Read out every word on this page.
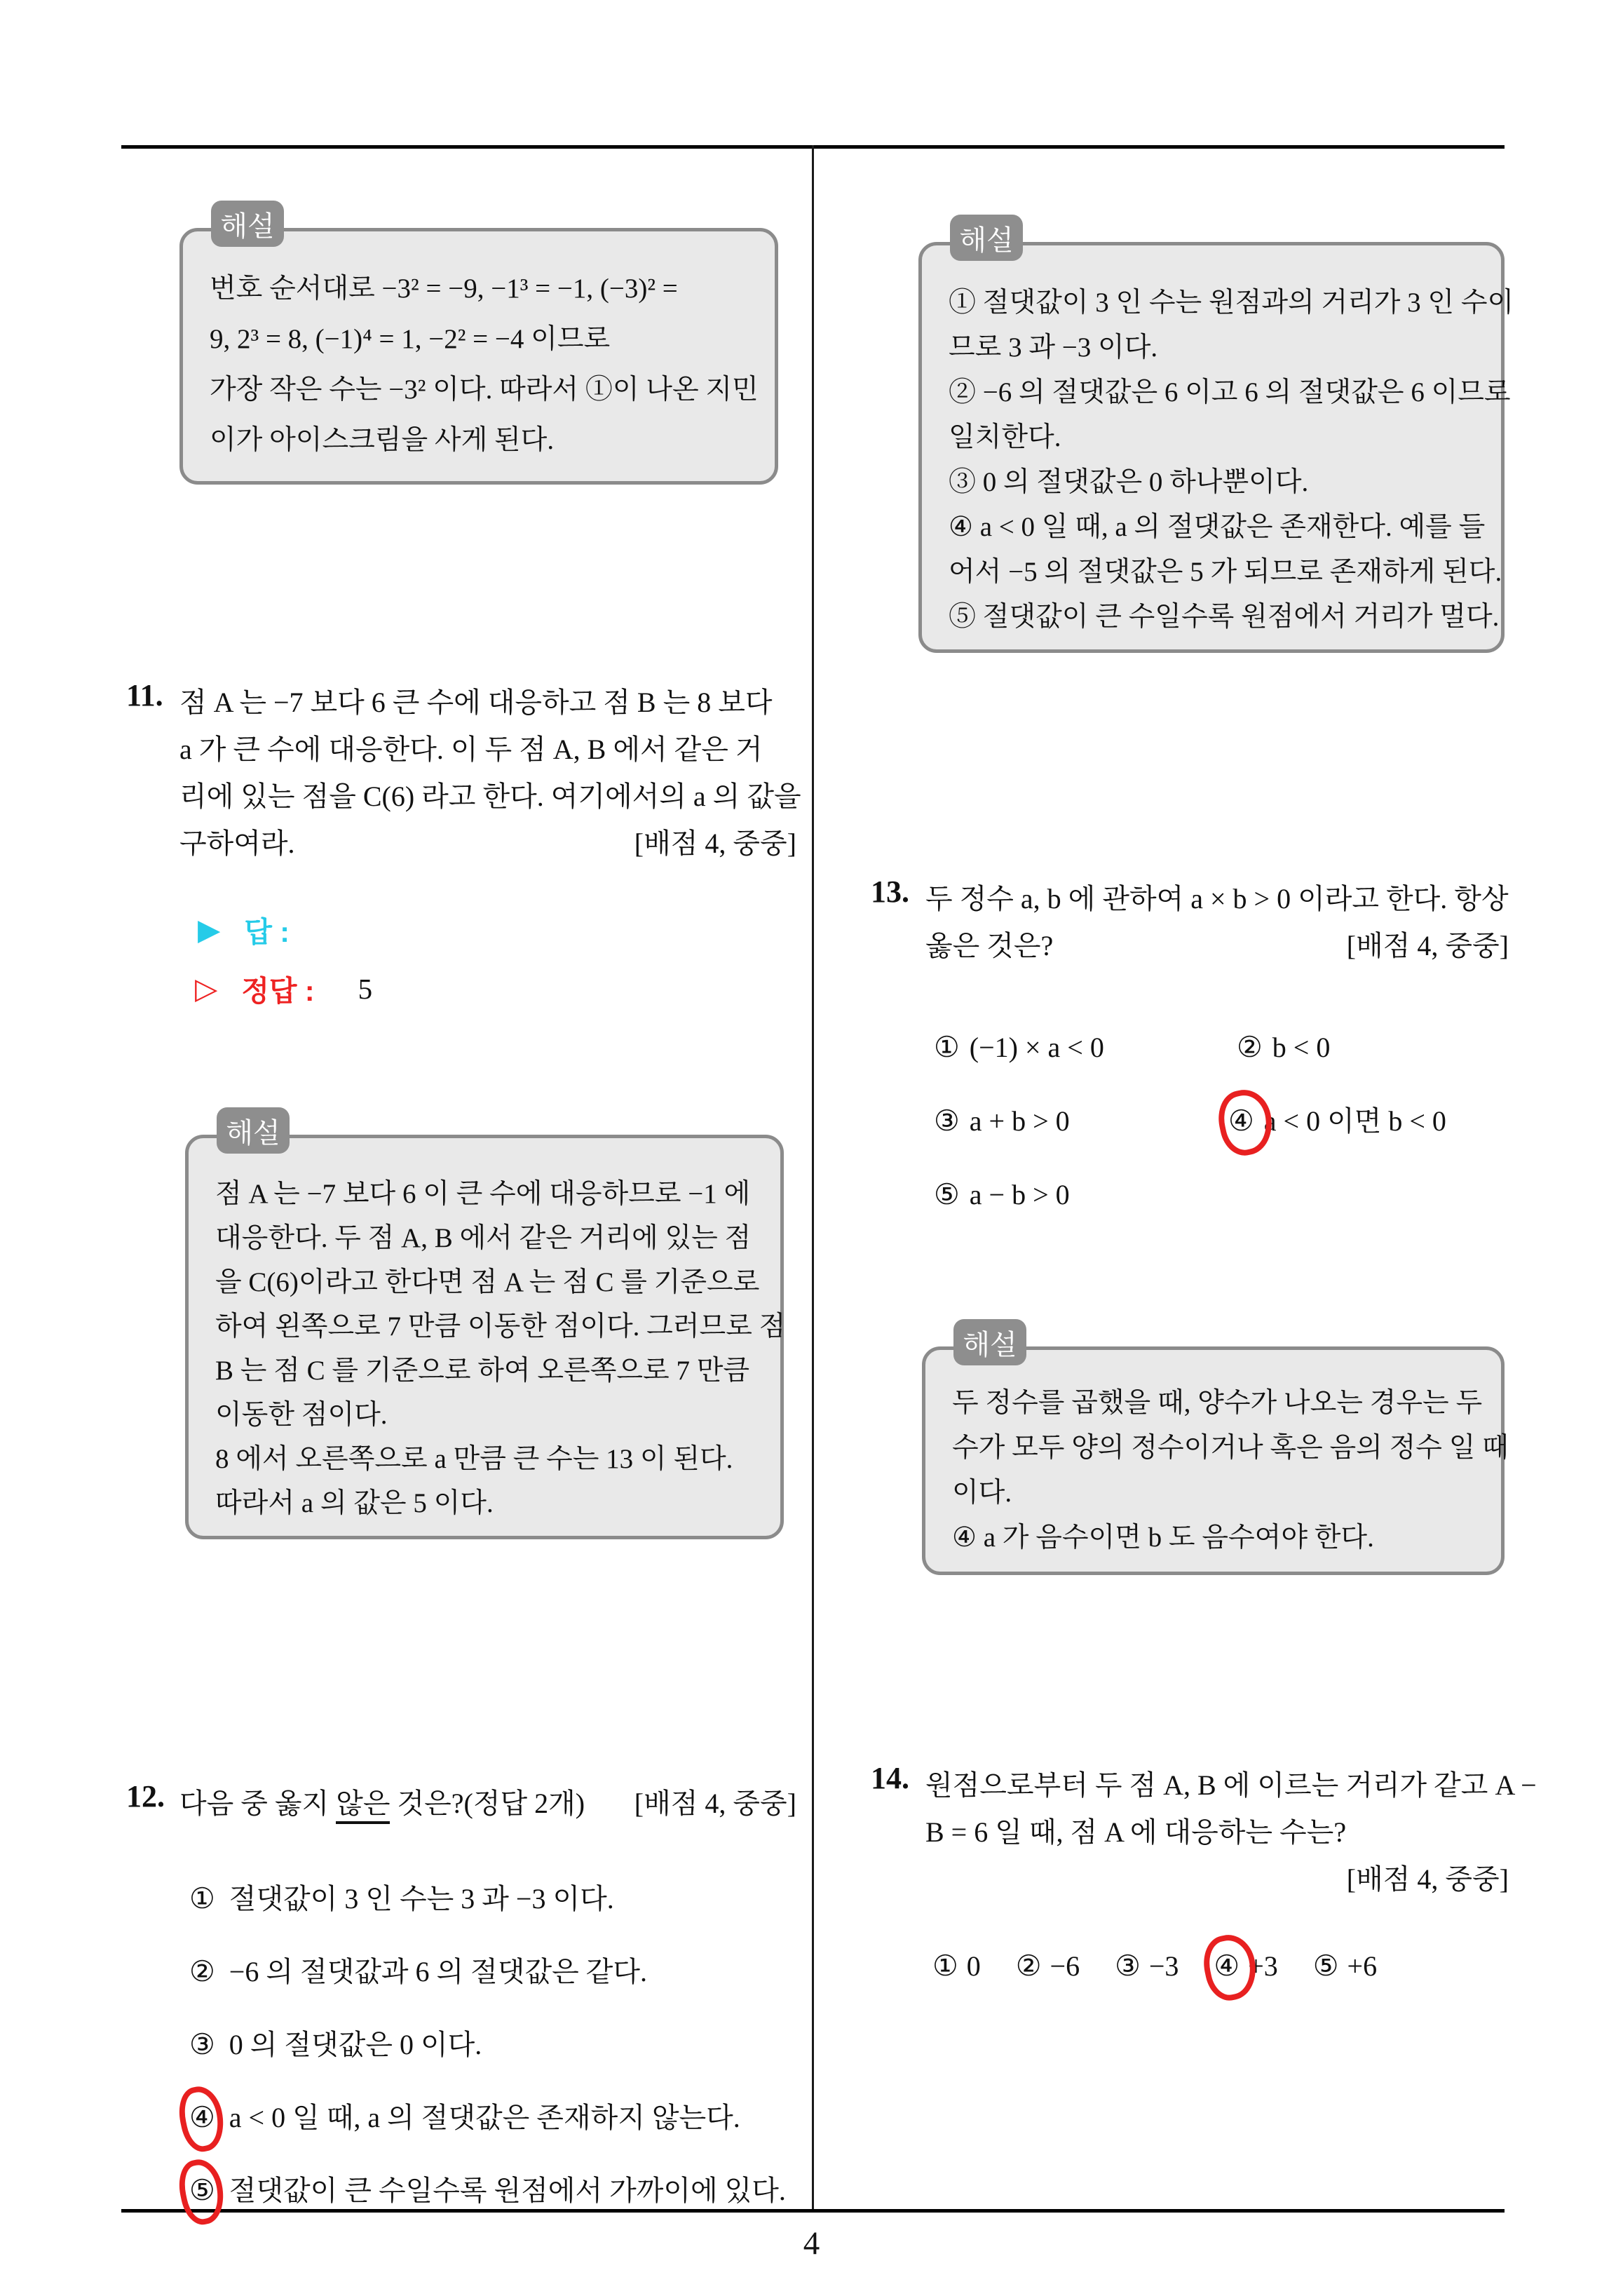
4
해설
번호 순서대로 −3² = −9, −1³ = −1, (−3)² =
9, 2³ = 8, (−1)⁴ = 1, −2² = −4 이므로
가장 작은 수는 −3² 이다. 따라서 ①이 나온 지민
이가 아이스크림을 사게 된다.
11. 점 A 는 −7 보다 6 큰 수에 대응하고 점 B 는 8 보다
a 가 큰 수에 대응한다. 이 두 점 A, B 에서 같은 거
리에 있는 점을 C(6) 라고 한다. 여기에서의 a 의 값을
구하여라.	[배점 4, 중중]
▶ 답 :
▷ 정답 : 5
해설
점 A 는 −7 보다 6 이 큰 수에 대응하므로 −1 에
대응한다. 두 점 A, B 에서 같은 거리에 있는 점
을 C(6)이라고 한다면 점 A 는 점 C 를 기준으로
하여 왼쪽으로 7 만큼 이동한 점이다. 그러므로 점
B 는 점 C 를 기준으로 하여 오른쪽으로 7 만큼
이동한 점이다.
8 에서 오른쪽으로 a 만큼 큰 수는 13 이 된다.
따라서 a 의 값은 5 이다.
12. 다음 중 옳지 않은 것은?(정답 2개) [배점 4, 중중]
① 절댓값이 3 인 수는 3 과 −3 이다.
② −6 의 절댓값과 6 의 절댓값은 같다.
③ 0 의 절댓값은 0 이다.
④ a < 0 일 때, a 의 절댓값은 존재하지 않는다.
⑤ 절댓값이 큰 수일수록 원점에서 가까이에 있다.
해설
① 절댓값이 3 인 수는 원점과의 거리가 3 인 수이
므로 3 과 −3 이다.
② −6 의 절댓값은 6 이고 6 의 절댓값은 6 이므로
일치한다.
③ 0 의 절댓값은 0 하나뿐이다.
④ a < 0 일 때, a 의 절댓값은 존재한다. 예를 들
어서 −5 의 절댓값은 5 가 되므로 존재하게 된다.
⑤ 절댓값이 큰 수일수록 원점에서 거리가 멀다.
13. 두 정수 a, b 에 관하여 a × b > 0 이라고 한다. 항상
옳은 것은?	[배점 4, 중중]
① (−1) × a < 0	② b < 0
③ a + b > 0	④ a < 0 이면 b < 0
⑤ a − b > 0
해설
두 정수를 곱했을 때, 양수가 나오는 경우는 두
수가 모두 양의 정수이거나 혹은 음의 정수 일 때
이다.
④ a 가 음수이면 b 도 음수여야 한다.
14. 원점으로부터 두 점 A, B 에 이르는 거리가 같고 A −
B = 6 일 때, 점 A 에 대응하는 수는?
[배점 4, 중중]
① 0 ② −6 ③ −3 ④ +3 ⑤ +6
